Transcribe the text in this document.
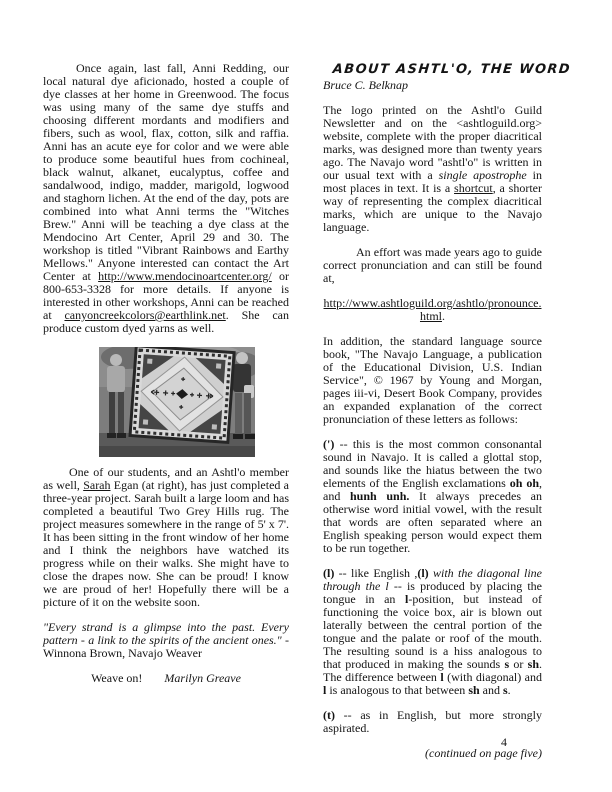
Once again, last fall, Anni Redding, our local natural dye aficionado, hosted a couple of dye classes at her home in Greenwood. The focus was using many of the same dye stuffs and choosing different mordants and modifiers and fibers, such as wool, flax, cotton, silk and raffia. Anni has an acute eye for color and we were able to produce some beautiful hues from cochineal, black walnut, alkanet, eucalyptus, coffee and sandalwood, indigo, madder, marigold, logwood and staghorn lichen. At the end of the day, pots are combined into what Anni terms the "Witches Brew." Anni will be teaching a dye class at the Mendocino Art Center, April 29 and 30. The workshop is titled "Vibrant Rainbows and Earthy Mellows." Anyone interested can contact the Art Center at http://www.mendocinoartcenter.org/ or 800-653-3328 for more details. If anyone is interested in other workshops, Anni can be reached at canyoncreekcolors@earthlink.net. She can produce custom dyed yarns as well.

One of our students, and an Ashtl'o member as well, Sarah Egan (at right), has just completed a three-year project. Sarah built a large loom and has completed a beautiful Two Grey Hills rug. The project measures somewhere in the range of 5' x 7'. It has been sitting in the front window of her home and I think the neighbors have watched its progress while on their walks. She might have to close the drapes now. She can be proud! I know we are proud of her! Hopefully there will be a picture of it on the website soon.

"Every strand is a glimpse into the past. Every pattern - a link to the spirits of the ancient ones." - Winnona Brown, Navajo Weaver

Weave on! Marilyn Greave

ABOUT ASHTL'O, THE WORD
Bruce C. Belknap

The logo printed on the Ashtl'o Guild Newsletter and on the <ashtloguild.org> website, complete with the proper diacritical marks, was designed more than twenty years ago. The Navajo word "ashtl'o" is written in our usual text with a single apostrophe in most places in text. It is a shortcut, a shorter way of representing the complex diacritical marks, which are unique to the Navajo language.

An effort was made years ago to guide correct pronunciation and can still be found at,

http://www.ashtloguild.org/ashtlo/pronounce.
html.

In addition, the standard language source book, "The Navajo Language, a publication of the Educational Division, U.S. Indian Service", © 1967 by Young and Morgan, pages iii-vi, Desert Book Company, provides an expanded explanation of the correct pronunciation of these letters as follows:

(') -- this is the most common consonantal sound in Navajo. It is called a glottal stop, and sounds like the hiatus between the two elements of the English exclamations oh oh, and hunh unh. It always precedes an otherwise word initial vowel, with the result that words are often separated where an English speaking person would expect them to be run together.

(l) -- like English ,(l) with the diagonal line through the l -- is produced by placing the tongue in an l-position, but instead of functioning the voice box, air is blown out laterally between the central portion of the tongue and the palate or roof of the mouth. The resulting sound is a hiss analogous to that produced in making the sounds s or sh. The difference between l (with diagonal) and l is analogous to that between sh and s.

(t) -- as in English, but more strongly aspirated.

(continued on page five)

4
